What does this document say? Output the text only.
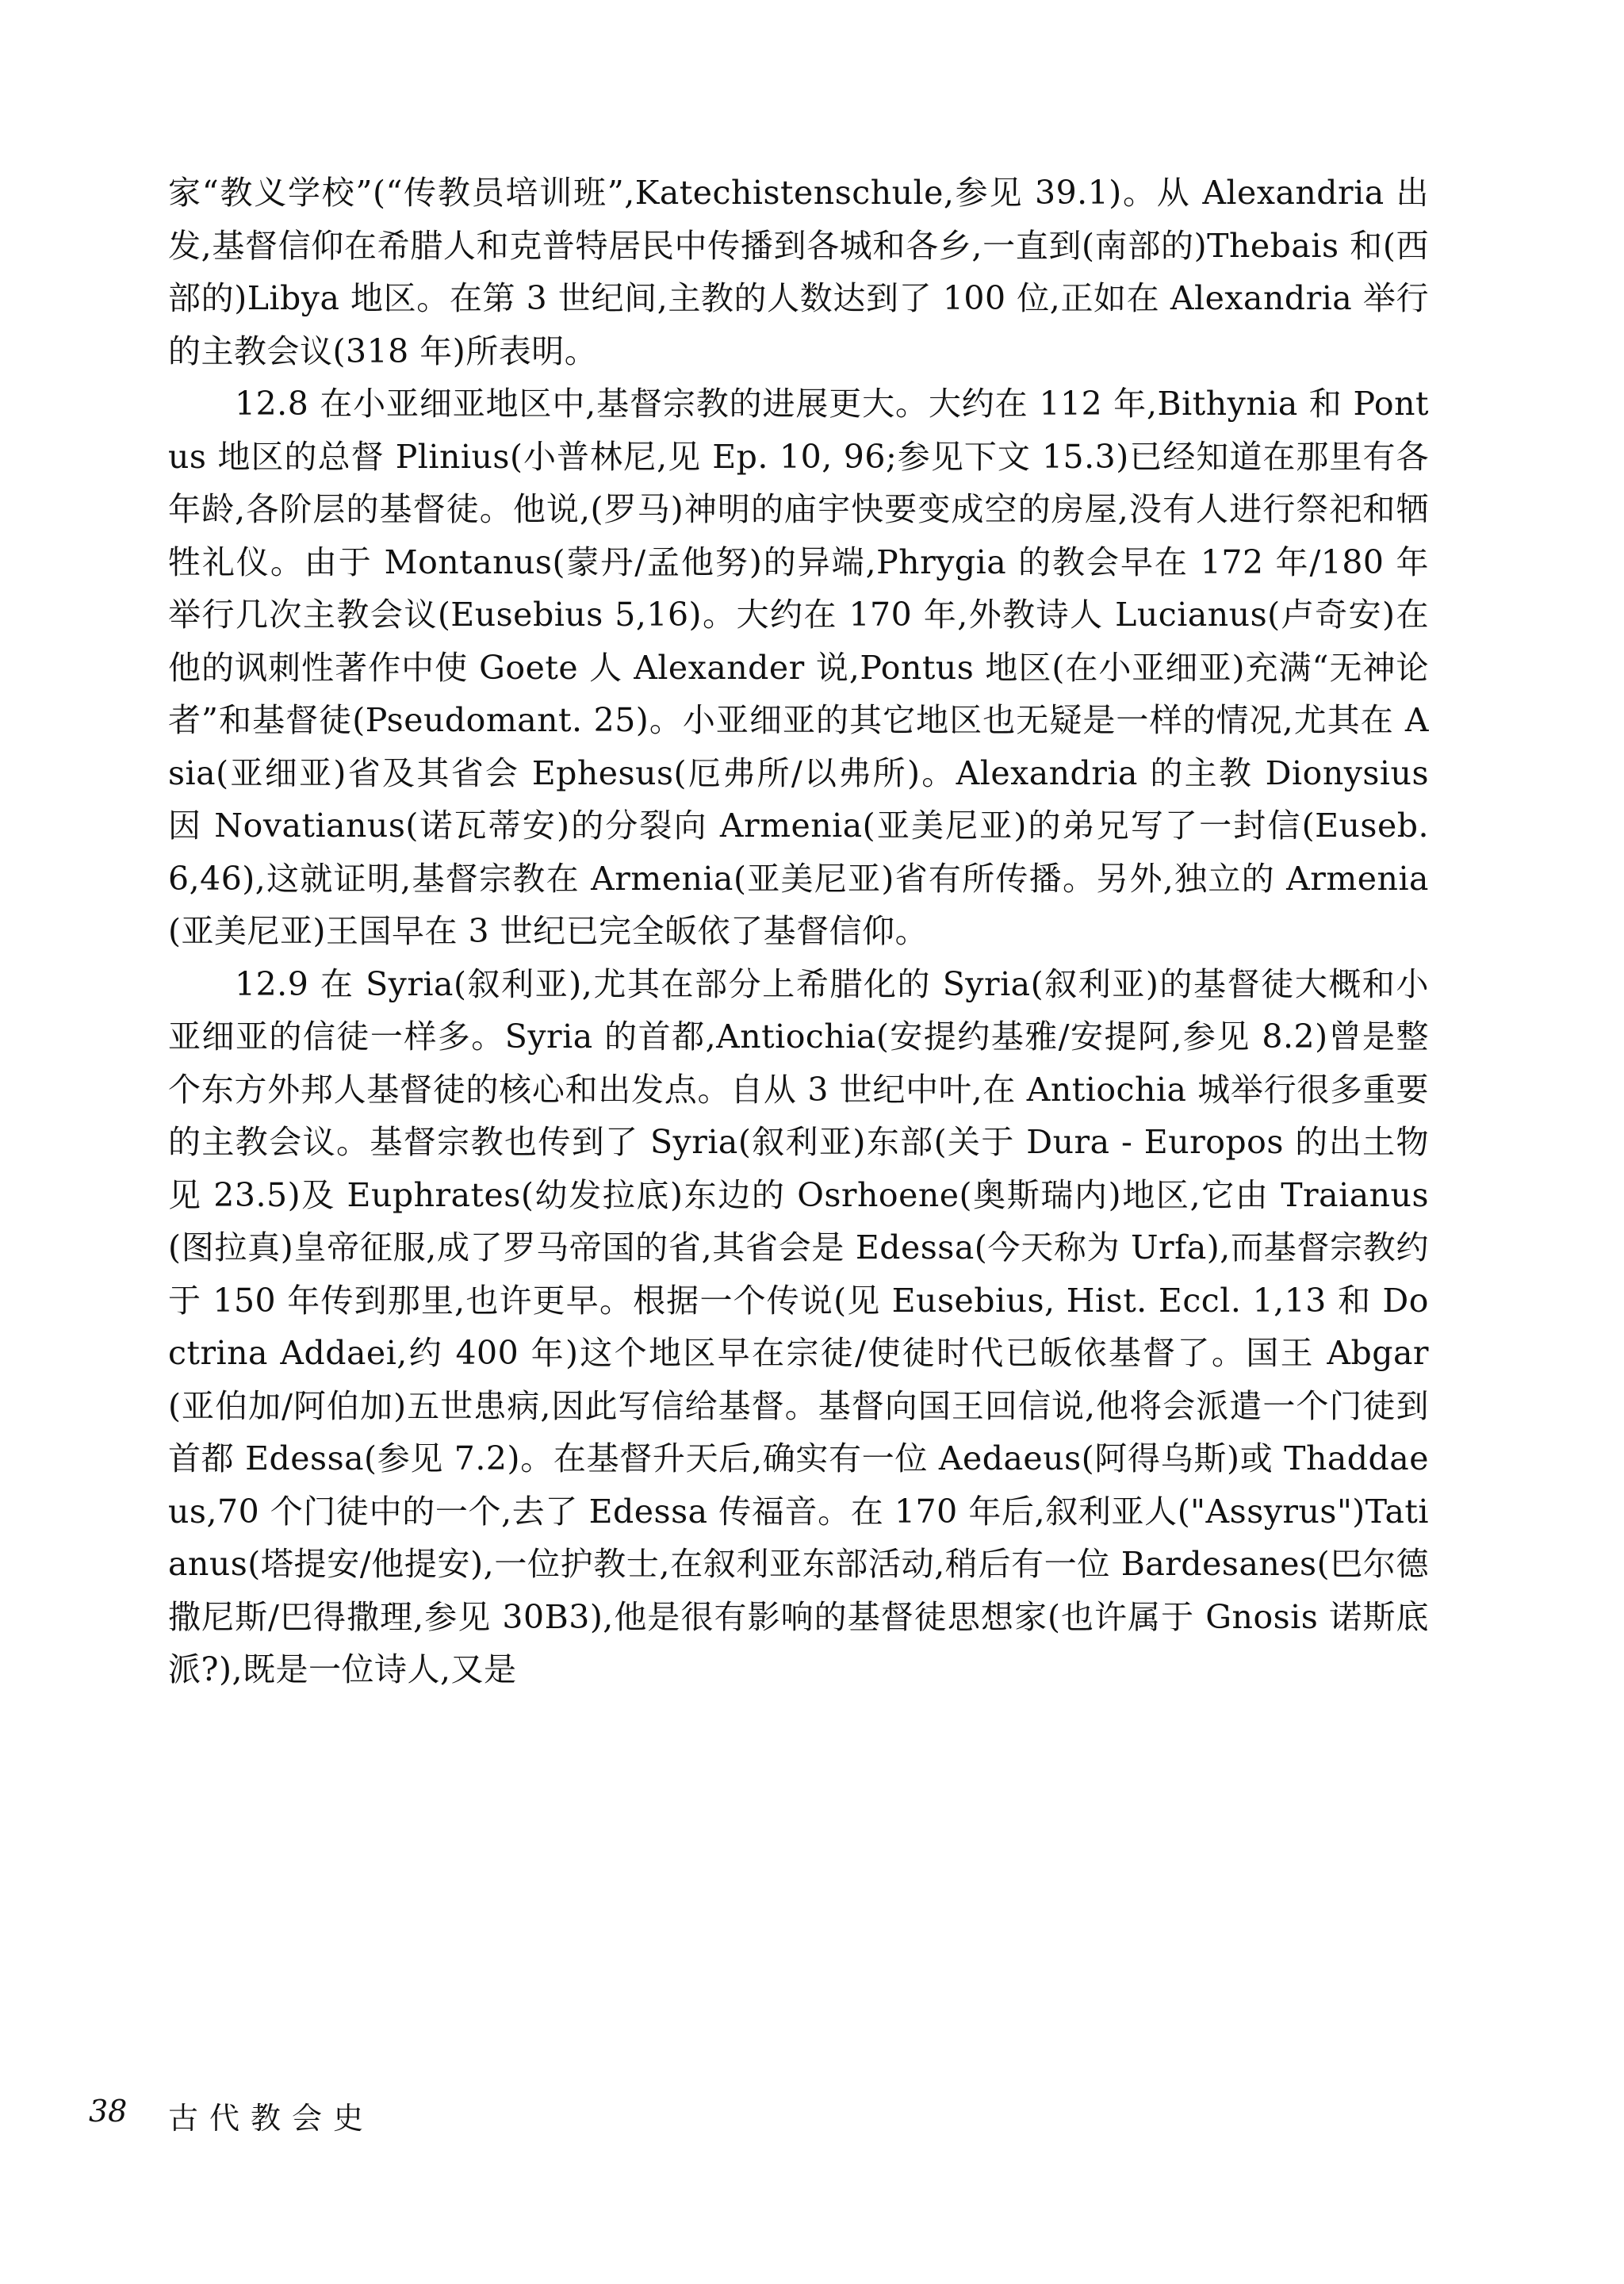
家“教义学校”(“传教员培训班”,Katechistenschule,参见 39.1)。从 Alexandria 出发,基督信仰在希腊人和克普特居民中传播到各城和各乡,一直到(南部的)Thebais 和(西部的)Libya 地区。在第 3 世纪间,主教的人数达到了 100 位,正如在 Alexandria 举行的主教会议(318 年)所表明。

12.8 在小亚细亚地区中,基督宗教的进展更大。大约在 112 年,Bithynia 和 Pontus 地区的总督 Plinius(小普林尼,见 Ep. 10, 96;参见下文 15.3)已经知道在那里有各年龄,各阶层的基督徒。他说,(罗马)神明的庙宇快要变成空的房屋,没有人进行祭祀和牺牲礼仪。由于 Montanus(蒙丹/孟他努)的异端,Phrygia 的教会早在 172 年/180 年举行几次主教会议(Eusebius 5,16)。大约在 170 年,外教诗人 Lucianus(卢奇安)在他的讽刺性著作中使 Goete 人 Alexander 说,Pontus 地区(在小亚细亚)充满“无神论者”和基督徒(Pseudomant. 25)。小亚细亚的其它地区也无疑是一样的情况,尤其在 Asia(亚细亚)省及其省会 Ephesus(厄弗所/以弗所)。Alexandria 的主教 Dionysius 因 Novatianus(诺瓦蒂安)的分裂向 Armenia(亚美尼亚)的弟兄写了一封信(Euseb. 6,46),这就证明,基督宗教在 Armenia(亚美尼亚)省有所传播。另外,独立的 Armenia(亚美尼亚)王国早在 3 世纪已完全皈依了基督信仰。

12.9 在 Syria(叙利亚),尤其在部分上希腊化的 Syria(叙利亚)的基督徒大概和小亚细亚的信徒一样多。Syria 的首都,Antiochia(安提约基雅/安提阿,参见 8.2)曾是整个东方外邦人基督徒的核心和出发点。自从 3 世纪中叶,在 Antiochia 城举行很多重要的主教会议。基督宗教也传到了 Syria(叙利亚)东部(关于 Dura - Europos 的出土物见 23.5)及 Euphrates(幼发拉底)东边的 Osrhoene(奥斯瑞内)地区,它由 Traianus(图拉真)皇帝征服,成了罗马帝国的省,其省会是 Edessa(今天称为 Urfa),而基督宗教约于 150 年传到那里,也许更早。根据一个传说(见 Eusebius, Hist. Eccl. 1,13 和 Doctrina Addaei,约 400 年)这个地区早在宗徒/使徒时代已皈依基督了。国王 Abgar(亚伯加/阿伯加)五世患病,因此写信给基督。基督向国王回信说,他将会派遣一个门徒到首都 Edessa(参见 7.2)。在基督升天后,确实有一位 Aedaeus(阿得乌斯)或 Thaddaeus,70 个门徒中的一个,去了 Edessa 传福音。在 170 年后,叙利亚人("Assyrus")Tatianus(塔提安/他提安),一位护教士,在叙利亚东部活动,稍后有一位 Bardesanes(巴尔德撒尼斯/巴得撒理,参见 30B3),他是很有影响的基督徒思想家(也许属于 Gnosis 诺斯底派?),既是一位诗人,又是

38 古代教会史
